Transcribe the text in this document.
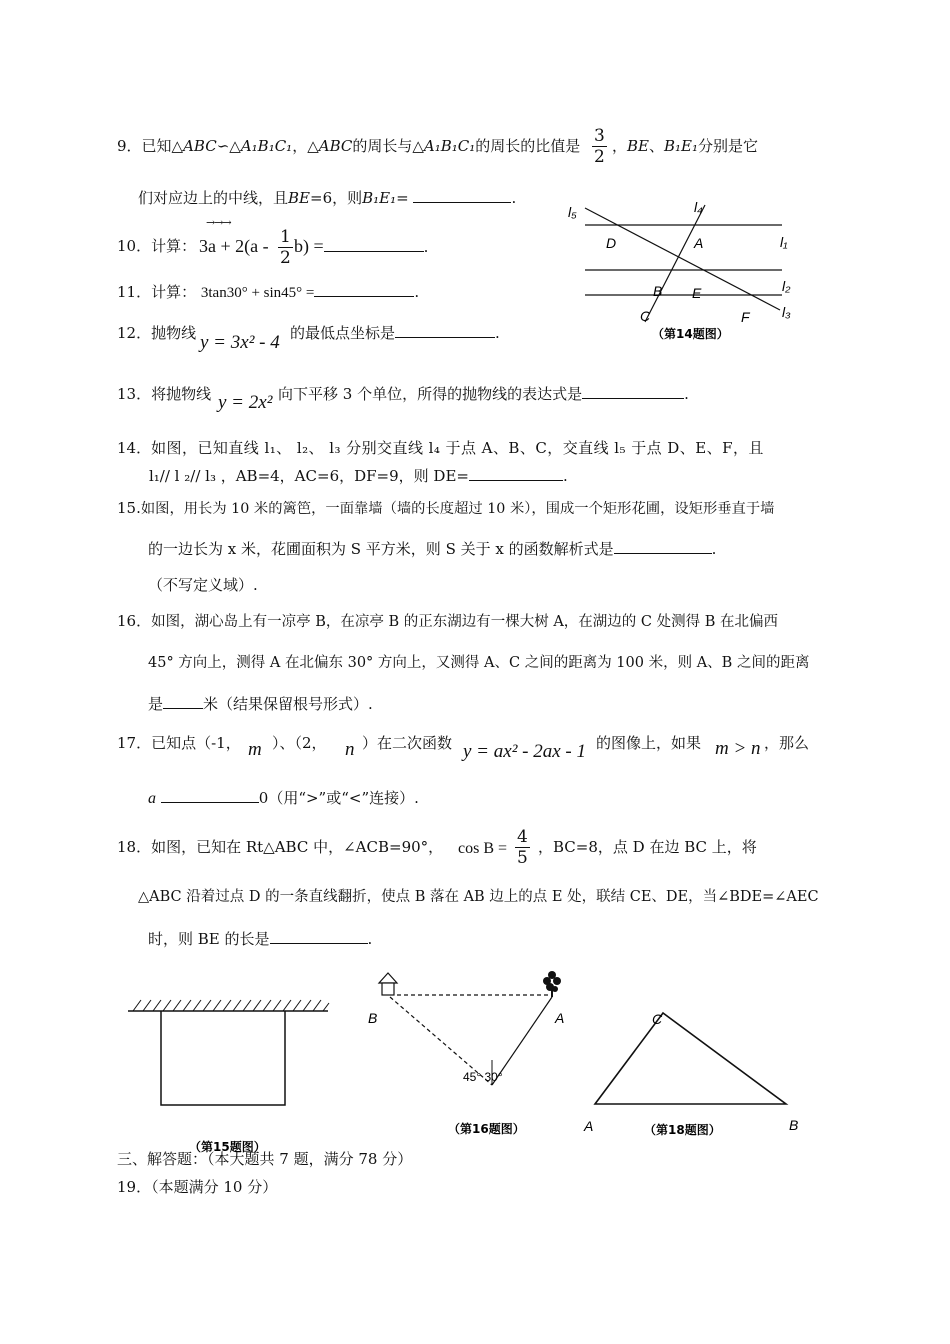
9．已知△ABC∽△A₁B₁C₁，△ABC的周长与△A₁B₁C₁的周长的比值是 $\frac{3}{2}$ ，BE、B₁E₁分别是它
们对应边上的中线，且BE=6，则B₁E₁=	.
→→→
10．计算： $3a + 2(a - \frac{1}{2} b)$ =	.
11．计算： 3tan30° + sin45° =	.
12．抛物线 y = 3x² - 4 的最低点坐标是	.
13．将抛物线 y = 2x² 向下平移 3 个单位，所得的抛物线的表达式是	.
14．如图，已知直线 l₁、 l₂、 l₃ 分别交直线 l₄ 于点 A、B、C，交直线 l₅ 于点 D、E、F，且
l₁// l ₂// l₃ ，AB=4，AC=6，DF=9，则 DE=	.
15.如图，用长为 10 米的篱笆，一面靠墙（墙的长度超过 10 米），围成一个矩形花圃，设矩形垂直于墙
的一边长为 x 米，花圃面积为 S 平方米，则 S 关于 x 的函数解析式是	.
（不写定义域）.
16．如图，湖心岛上有一凉亭 B，在凉亭 B 的正东湖边有一棵大树 A，在湖边的 C 处测得 B 在北偏西
45° 方向上，测得 A 在北偏东 30° 方向上，又测得 A、C 之间的距离为 100 米，则 A、B 之间的距离
是	米（结果保留根号形式）.
17．已知点（-1， m ）、（2， n ）在二次函数 y = ax² - 2ax - 1 的图像上，如果 m > n ，那么
a	0（用“>”或“<”连接）.
18．如图，已知在 Rt△ABC 中，∠ACB=90°， $\cos B = \frac{4}{5}$ ，BC=8，点 D 在边 BC 上，将
△ABC 沿着过点 D 的一条直线翻折，使点 B 落在 AB 边上的点 E 处，联结 CE、DE，当∠BDE=∠AEC
时，则 BE 的长是	.
l₅	l₄
l₁
l₂
l₃
D	A
B E
C	F
（第14题图）
（第15题图）
B	A
45° 30°
（第16题图）
C
A	B
（第18题图）
三、解答题：（本大题共 7 题，满分 78 分）
19．（本题满分 10 分）
